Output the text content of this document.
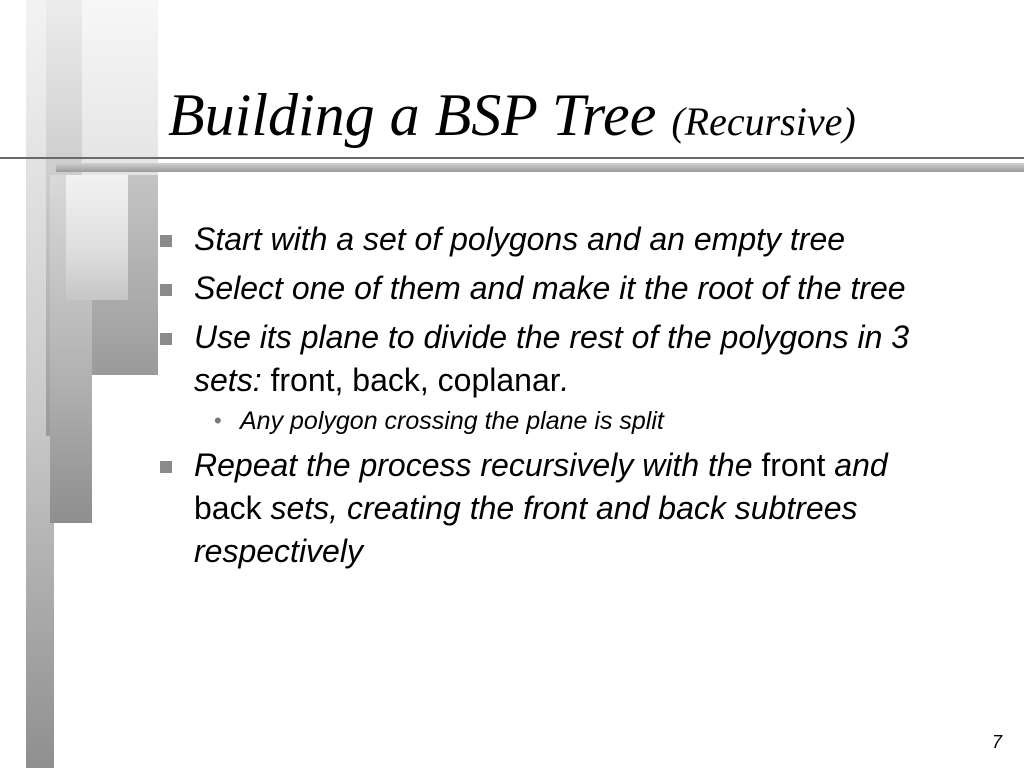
Building a BSP Tree (Recursive)
Start with a set of polygons and an empty tree
Select one of them and make it the root of the tree
Use its plane to divide the rest of the polygons in 3 sets: front, back, coplanar.
• Any polygon crossing the plane is split
Repeat the process recursively with the front and back sets, creating the front and back subtrees respectively
7
